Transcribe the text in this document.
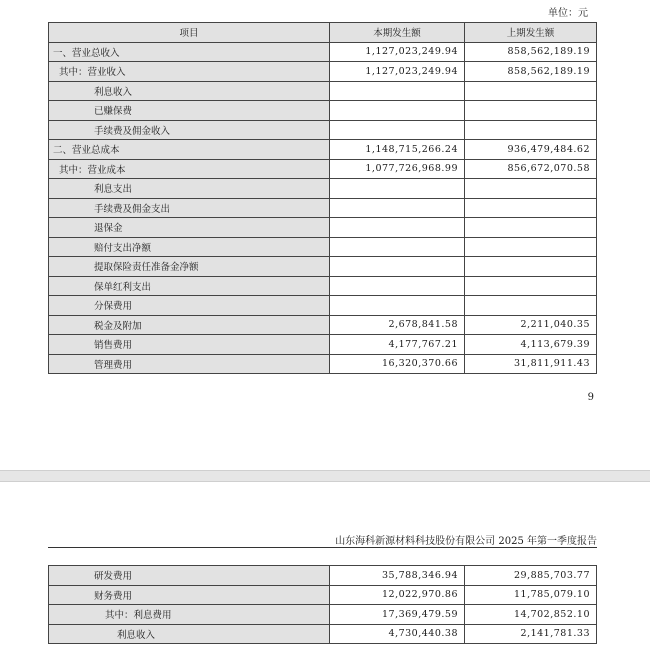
单位：元
项目	本期发生额	上期发生额
一、营业总收入	1,127,023,249.94	858,562,189.19
其中：营业收入	1,127,023,249.94	858,562,189.19
利息收入		
已赚保费		
手续费及佣金收入		
二、营业总成本	1,148,715,266.24	936,479,484.62
其中：营业成本	1,077,726,968.99	856,672,070.58
利息支出		
手续费及佣金支出		
退保金		
赔付支出净额		
提取保险责任准备金净额		
保单红利支出		
分保费用		
税金及附加	2,678,841.58	2,211,040.35
销售费用	4,177,767.21	4,113,679.39
管理费用	16,320,370.66	31,811,911.43
9
山东海科新源材料科技股份有限公司 2025 年第一季度报告
研发费用	35,788,346.94	29,885,703.77
财务费用	12,022,970.86	11,785,079.10
其中：利息费用	17,369,479.59	14,702,852.10
利息收入	4,730,440.38	2,141,781.33
